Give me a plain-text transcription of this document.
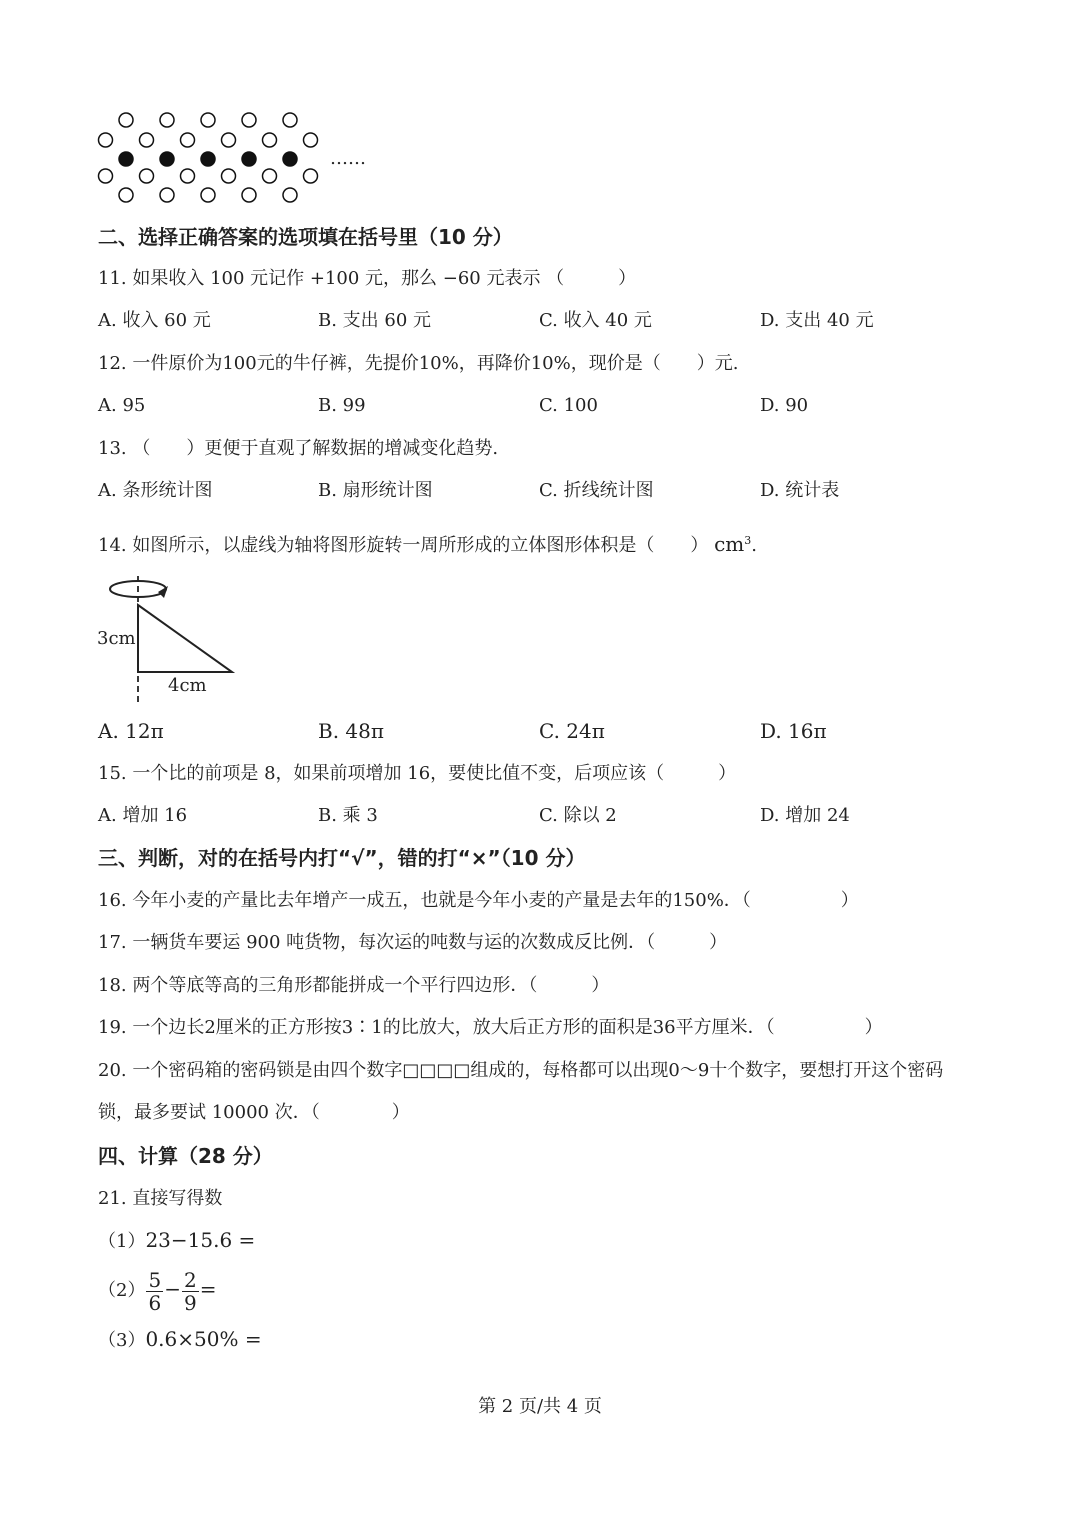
……
二、选择正确答案的选项填在括号里（10 分）
11. 如果收入 100 元记作 +100 元，那么 −60 元表示 （　　　）
A. 收入 60 元	B. 支出 60 元	C. 收入 40 元	D. 支出 40 元
12. 一件原价为100元的牛仔裤，先提价10%，再降价10%，现价是（　　）元.
A. 95	B. 99	C. 100	D. 90
13. （　　）更便于直观了解数据的增减变化趋势.
A. 条形统计图	B. 扇形统计图	C. 折线统计图	D. 统计表
14. 如图所示，以虚线为轴将图形旋转一周所形成的立体图形体积是（　　） $cm^3$.
3cm
4cm
A. 12π	B. 48π	C. 24π	D. 16π
15. 一个比的前项是 8，如果前项增加 16，要使比值不变，后项应该（　　　）
A. 增加 16	B. 乘 3	C. 除以 2	D. 增加 24
三、判断，对的在括号内打“√”，错的打“×”（10 分）
16. 今年小麦的产量比去年增产一成五，也就是今年小麦的产量是去年的150%．（　　　　　）
17. 一辆货车要运 900 吨货物，每次运的吨数与运的次数成反比例．（　　　）
18. 两个等底等高的三角形都能拼成一个平行四边形．（　　　）
19. 一个边长2厘米的正方形按3∶1的比放大，放大后正方形的面积是36平方厘米．（　　　　　）
20. 一个密码箱的密码锁是由四个数字□□□□组成的，每格都可以出现0～9十个数字，要想打开这个密码
锁，最多要试 10000 次．（　　　　）
四、计算（28 分）
21. 直接写得数
（1）23−15.6 =
$(2) \frac{5}{6} - \frac{2}{9}$ =
（3）0.6×50% =
第 2 页/共 4 页
